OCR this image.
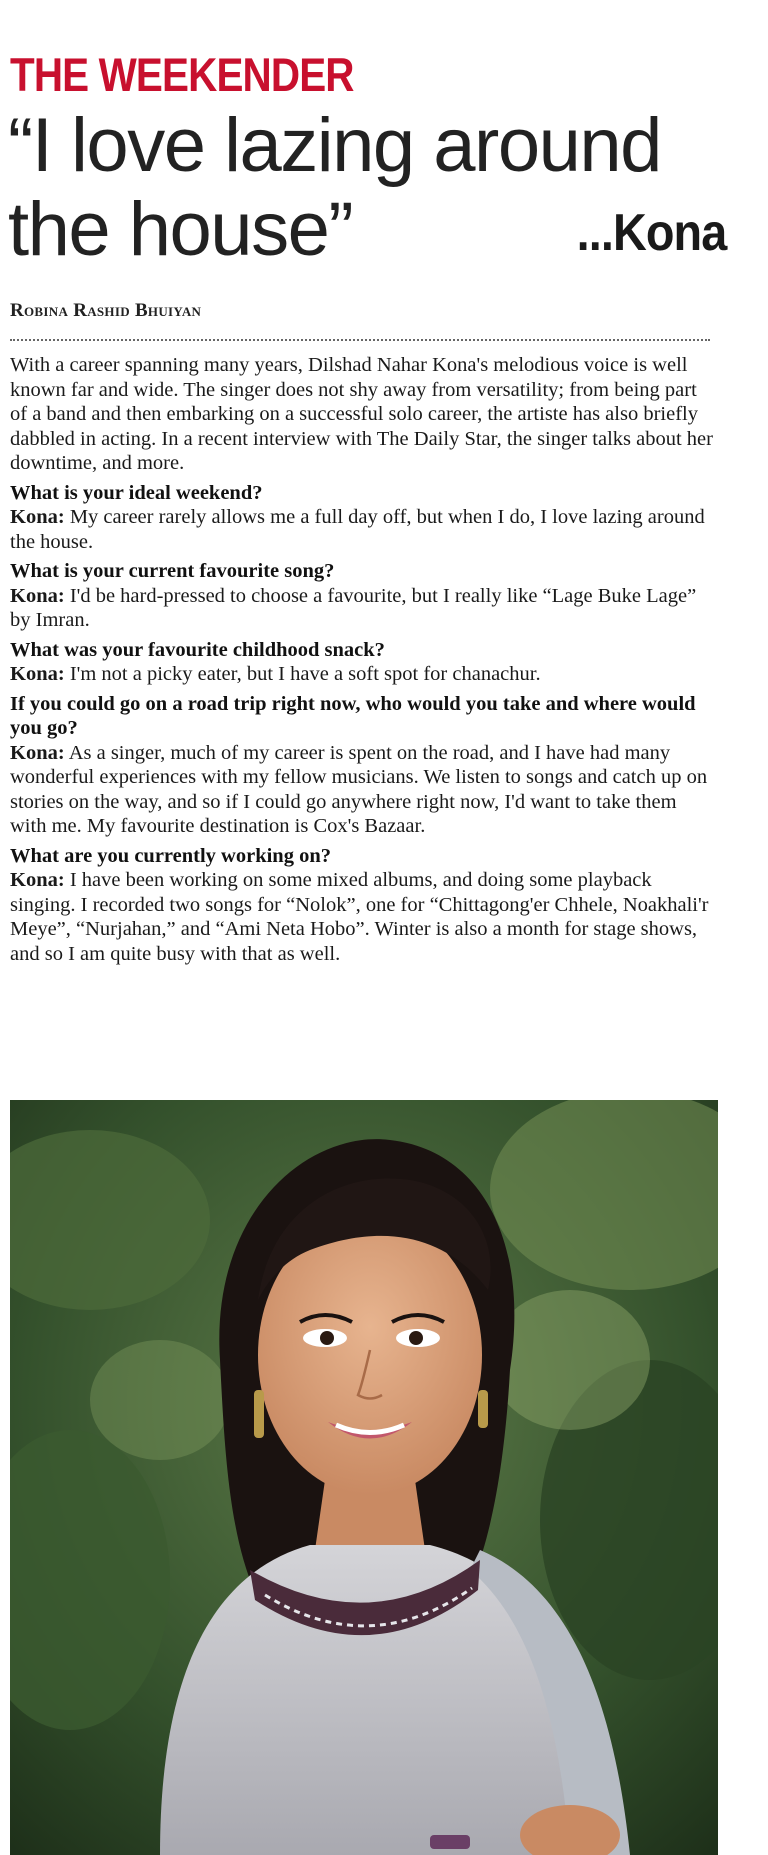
THE WEEKENDER
“I love lazing around
the house”	...Kona
Robina Rashid Bhuiyan

With a career spanning many years, Dilshad Nahar Kona's melodious voice is well known far and wide. The singer does not shy away from versatility; from being part of a band and then embarking on a successful solo career, the artiste has also briefly dabbled in acting. In a recent interview with The Daily Star, the singer talks about her downtime, and more.

What is your ideal weekend?

Kona: My career rarely allows me a full day off, but when I do, I love lazing around the house.

What is your current favourite song?

Kona: I'd be hard-pressed to choose a favourite, but I really like “Lage Buke Lage” by Imran.

What was your favourite childhood snack?

Kona: I'm not a picky eater, but I have a soft spot for chanachur.

If you could go on a road trip right now, who would you take and where would you go?

Kona: As a singer, much of my career is spent on the road, and I have had many wonderful experiences with my fellow musicians. We listen to songs and catch up on stories on the way, and so if I could go anywhere right now, I'd want to take them with me. My favourite destination is Cox's Bazaar.

What are you currently working on?

Kona: I have been working on some mixed albums, and doing some playback singing. I recorded two songs for “Nolok”, one for “Chittagong'er Chhele, Noakhali'r Meye”, “Nurjahan,” and “Ami Neta Hobo”. Winter is also a month for stage shows, and so I am quite busy with that as well.
